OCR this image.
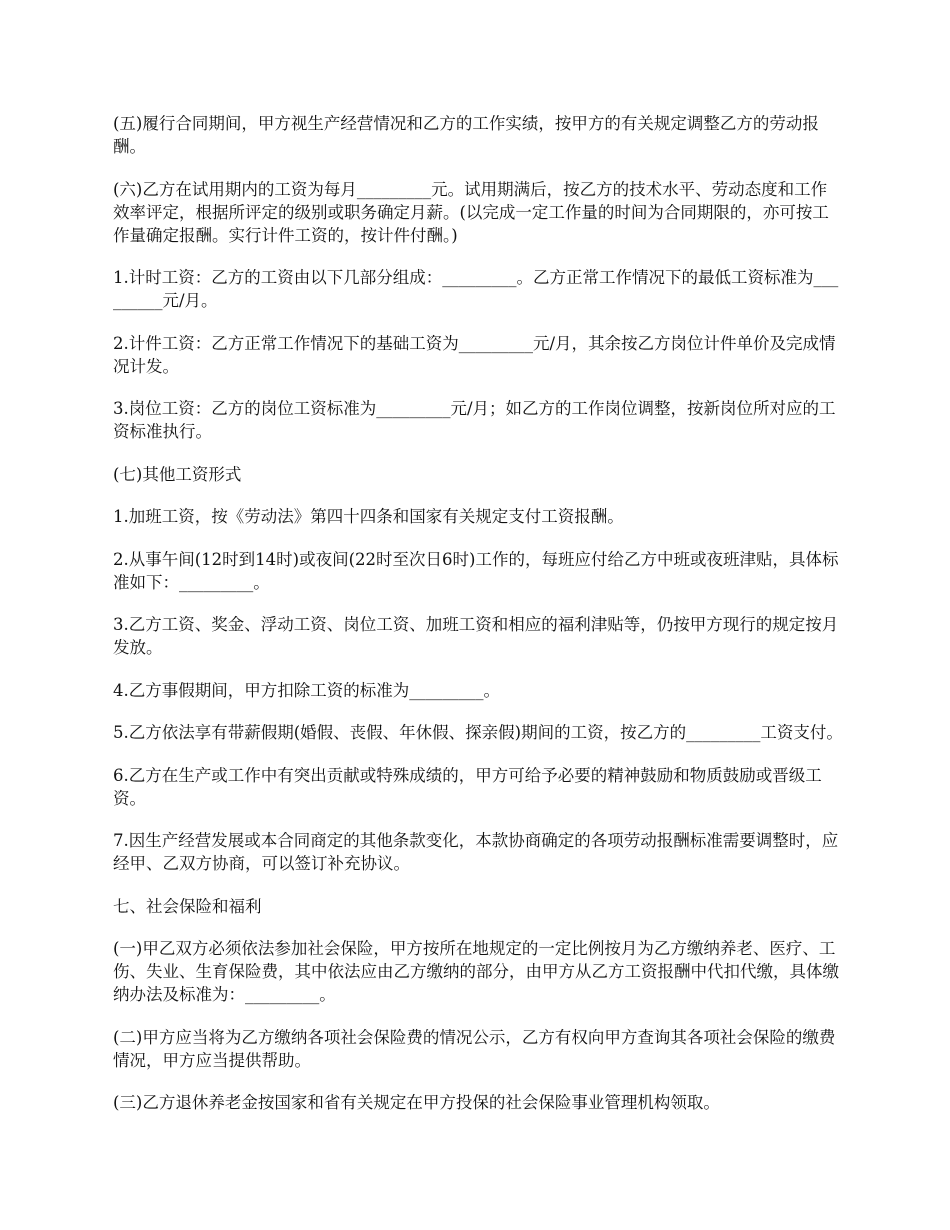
(五)履行合同期间，甲方视生产经营情况和乙方的工作实绩，按甲方的有关规定调整乙方的劳动报酬。

(六)乙方在试用期内的工资为每月_________元。试用期满后，按乙方的技术水平、劳动态度和工作效率评定，根据所评定的级别或职务确定月薪。(以完成一定工作量的时间为合同期限的，亦可按工作量确定报酬。实行计件工资的，按计件付酬。)

1.计时工资：乙方的工资由以下几部分组成：_________。乙方正常工作情况下的最低工资标准为_________元/月。

2.计件工资：乙方正常工作情况下的基础工资为_________元/月，其余按乙方岗位计件单价及完成情况计发。

3.岗位工资：乙方的岗位工资标准为_________元/月；如乙方的工作岗位调整，按新岗位所对应的工资标准执行。

(七)其他工资形式

1.加班工资，按《劳动法》第四十四条和国家有关规定支付工资报酬。

2.从事午间(12时到14时)或夜间(22时至次日6时)工作的，每班应付给乙方中班或夜班津贴，具体标准如下：_________。

3.乙方工资、奖金、浮动工资、岗位工资、加班工资和相应的福利津贴等，仍按甲方现行的规定按月发放。

4.乙方事假期间，甲方扣除工资的标准为_________。

5.乙方依法享有带薪假期(婚假、丧假、年休假、探亲假)期间的工资，按乙方的_________工资支付。

6.乙方在生产或工作中有突出贡献或特殊成绩的，甲方可给予必要的精神鼓励和物质鼓励或晋级工资。

7.因生产经营发展或本合同商定的其他条款变化，本款协商确定的各项劳动报酬标准需要调整时，应经甲、乙双方协商，可以签订补充协议。

七、社会保险和福利

(一)甲乙双方必须依法参加社会保险，甲方按所在地规定的一定比例按月为乙方缴纳养老、医疗、工伤、失业、生育保险费，其中依法应由乙方缴纳的部分，由甲方从乙方工资报酬中代扣代缴，具体缴纳办法及标准为：_________。

(二)甲方应当将为乙方缴纳各项社会保险费的情况公示，乙方有权向甲方查询其各项社会保险的缴费情况，甲方应当提供帮助。

(三)乙方退休养老金按国家和省有关规定在甲方投保的社会保险事业管理机构领取。
